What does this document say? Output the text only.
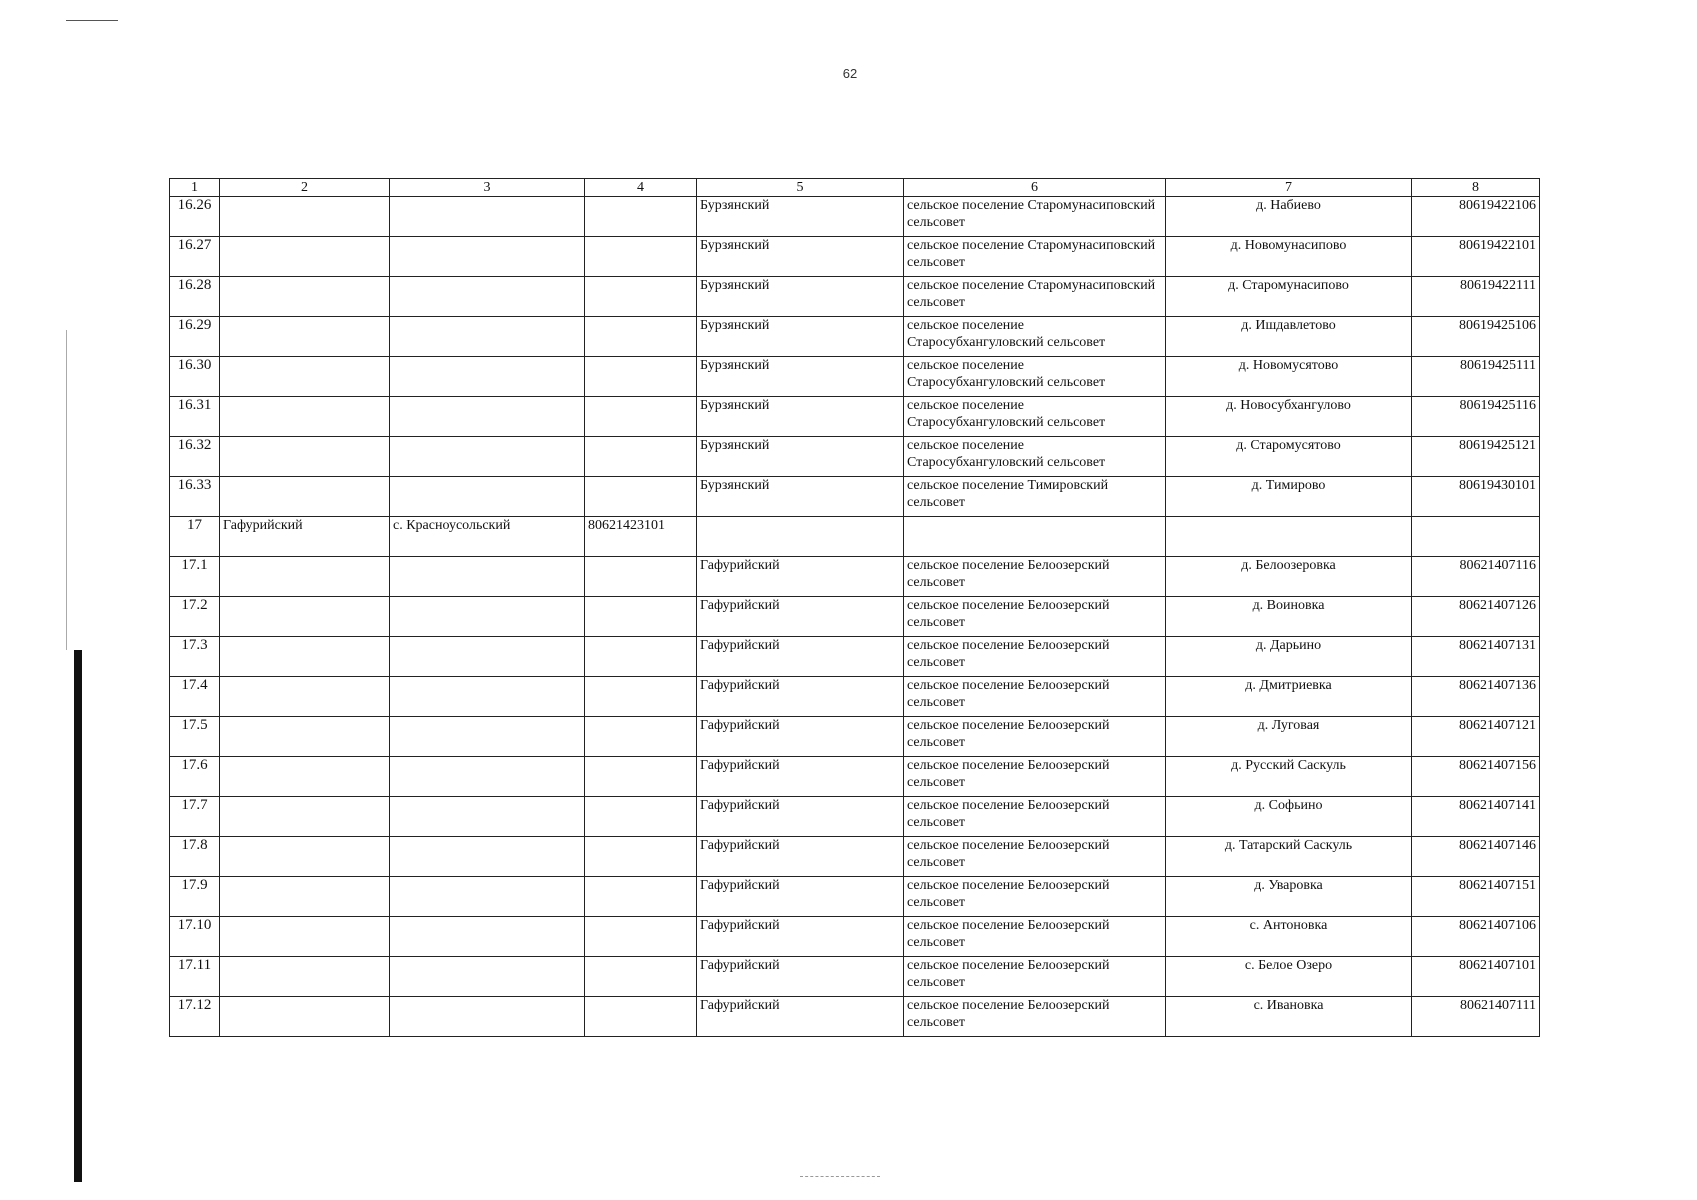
62
1	2	3	4	5	6	7	8
16.26				Бурзянский	сельское поселение Старомунасиповский сельсовет	д. Набиево	80619422106
16.27				Бурзянский	сельское поселение Старомунасиповский сельсовет	д. Новомунасипово	80619422101
16.28				Бурзянский	сельское поселение Старомунасиповский сельсовет	д. Старомунасипово	80619422111
16.29				Бурзянский	сельское поселение Старосубхангуловский сельсовет	д. Ишдавлетово	80619425106
16.30				Бурзянский	сельское поселение Старосубхангуловский сельсовет	д. Новомусятово	80619425111
16.31				Бурзянский	сельское поселение Старосубхангуловский сельсовет	д. Новосубхангулово	80619425116
16.32				Бурзянский	сельское поселение Старосубхангуловский сельсовет	д. Старомусятово	80619425121
16.33				Бурзянский	сельское поселение Тимировский сельсовет	д. Тимирово	80619430101
17	Гафурийский	с. Красноусольский	80621423101				
17.1				Гафурийский	сельское поселение Белоозерский сельсовет	д. Белоозеровка	80621407116
17.2				Гафурийский	сельское поселение Белоозерский сельсовет	д. Воиновка	80621407126
17.3				Гафурийский	сельское поселение Белоозерский сельсовет	д. Дарьино	80621407131
17.4				Гафурийский	сельское поселение Белоозерский сельсовет	д. Дмитриевка	80621407136
17.5				Гафурийский	сельское поселение Белоозерский сельсовет	д. Луговая	80621407121
17.6				Гафурийский	сельское поселение Белоозерский сельсовет	д. Русский Саскуль	80621407156
17.7				Гафурийский	сельское поселение Белоозерский сельсовет	д. Софьино	80621407141
17.8				Гафурийский	сельское поселение Белоозерский сельсовет	д. Татарский Саскуль	80621407146
17.9				Гафурийский	сельское поселение Белоозерский сельсовет	д. Уваровка	80621407151
17.10				Гафурийский	сельское поселение Белоозерский сельсовет	с. Антоновка	80621407106
17.11				Гафурийский	сельское поселение Белоозерский сельсовет	с. Белое Озеро	80621407101
17.12				Гафурийский	сельское поселение Белоозерский сельсовет	с. Ивановка	80621407111
